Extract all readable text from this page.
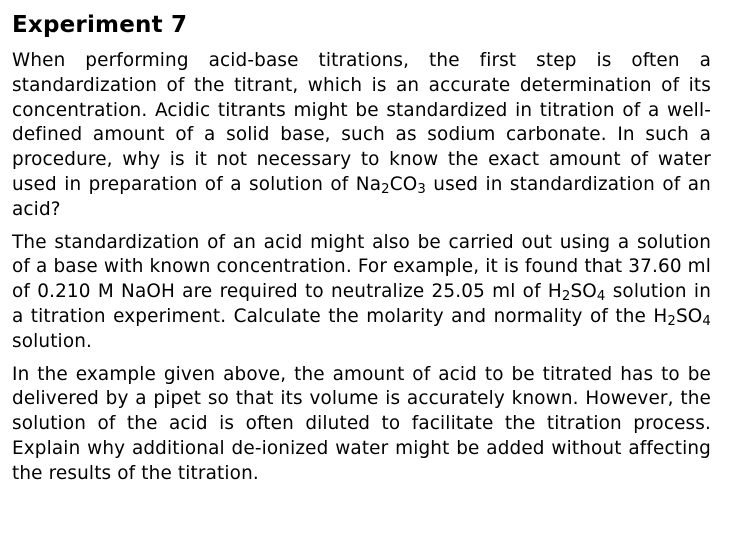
Experiment 7

When performing acid-base titrations, the first step is often a standardization of the titrant, which is an accurate determination of its concentration. Acidic titrants might be standardized in titration of a well-defined amount of a solid base, such as sodium carbonate. In such a procedure, why is it not necessary to know the exact amount of water used in preparation of a solution of $Na_2CO_3$ used in standardization of an acid?

The standardization of an acid might also be carried out using a solution of a base with known concentration. For example, it is found that 37.60 ml of 0.210 M NaOH are required to neutralize 25.05 ml of $H_2SO_4$ solution in a titration experiment. Calculate the molarity and normality of the $H_2SO_4$ solution.

In the example given above, the amount of acid to be titrated has to be delivered by a pipet so that its volume is accurately known. However, the solution of the acid is often diluted to facilitate the titration process. Explain why additional de-ionized water might be added without affecting the results of the titration.
